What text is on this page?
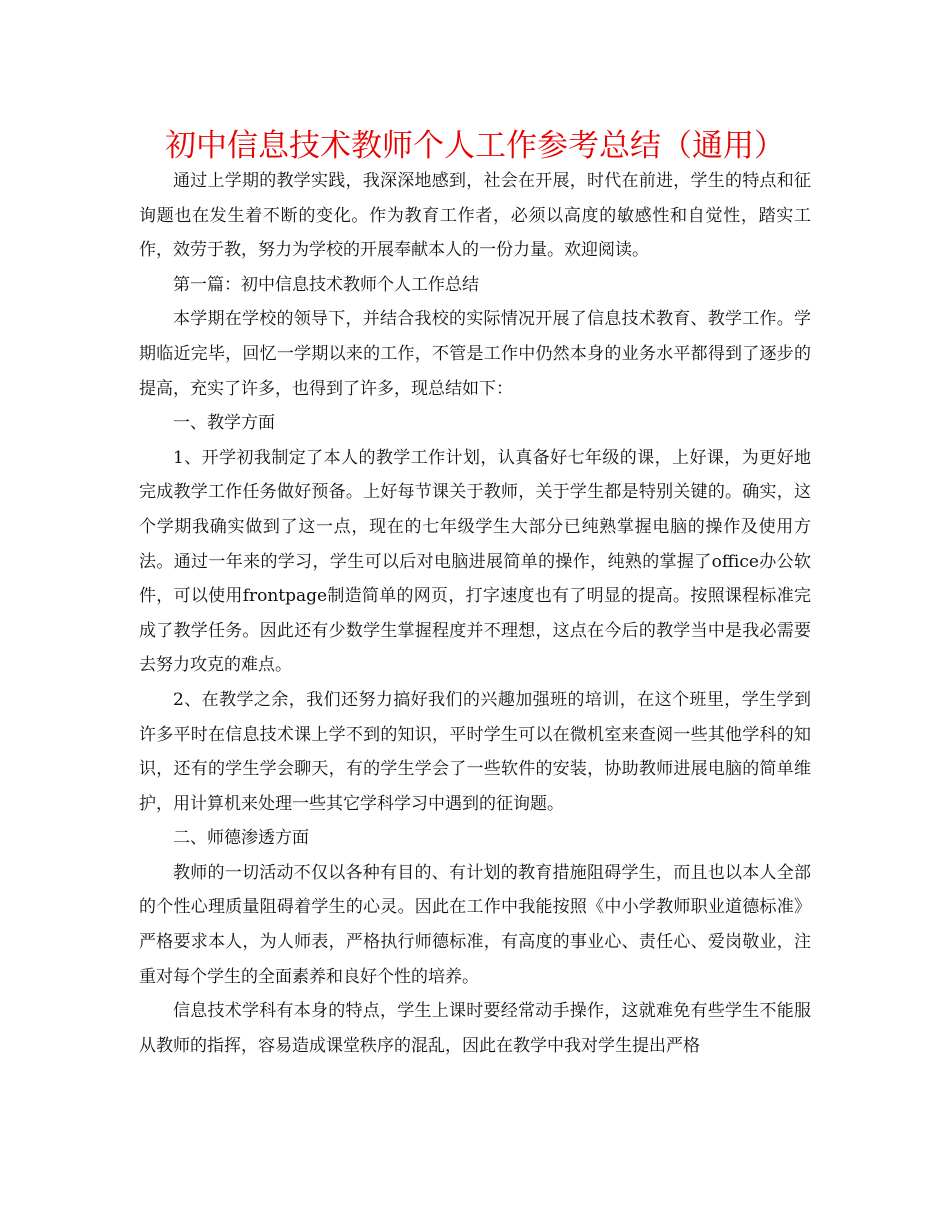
初中信息技术教师个人工作参考总结（通用）

通过上学期的教学实践，我深深地感到，社会在开展，时代在前进，学生的特点和征询题也在发生着不断的变化。作为教育工作者，必须以高度的敏感性和自觉性，踏实工作，效劳于教，努力为学校的开展奉献本人的一份力量。欢迎阅读。

第一篇：初中信息技术教师个人工作总结

本学期在学校的领导下，并结合我校的实际情况开展了信息技术教育、教学工作。学期临近完毕，回忆一学期以来的工作，不管是工作中仍然本身的业务水平都得到了逐步的提高，充实了许多，也得到了许多，现总结如下：

一、教学方面

1、开学初我制定了本人的教学工作计划，认真备好七年级的课，上好课，为更好地完成教学工作任务做好预备。上好每节课关于教师，关于学生都是特别关键的。确实，这个学期我确实做到了这一点，现在的七年级学生大部分已纯熟掌握电脑的操作及使用方法。通过一年来的学习，学生可以后对电脑进展简单的操作，纯熟的掌握了office办公软件，可以使用frontpage制造简单的网页，打字速度也有了明显的提高。按照课程标准完成了教学任务。因此还有少数学生掌握程度并不理想，这点在今后的教学当中是我必需要去努力攻克的难点。

2、在教学之余，我们还努力搞好我们的兴趣加强班的培训，在这个班里，学生学到许多平时在信息技术课上学不到的知识，平时学生可以在微机室来查阅一些其他学科的知识，还有的学生学会聊天，有的学生学会了一些软件的安装，协助教师进展电脑的简单维护，用计算机来处理一些其它学科学习中遇到的征询题。

二、师德渗透方面

教师的一切活动不仅以各种有目的、有计划的教育措施阻碍学生，而且也以本人全部的个性心理质量阻碍着学生的心灵。因此在工作中我能按照《中小学教师职业道德标准》严格要求本人，为人师表，严格执行师德标准，有高度的事业心、责任心、爱岗敬业，注重对每个学生的全面素养和良好个性的培养。

信息技术学科有本身的特点，学生上课时要经常动手操作，这就难免有些学生不能服从教师的指挥，容易造成课堂秩序的混乱，因此在教学中我对学生提出严格
